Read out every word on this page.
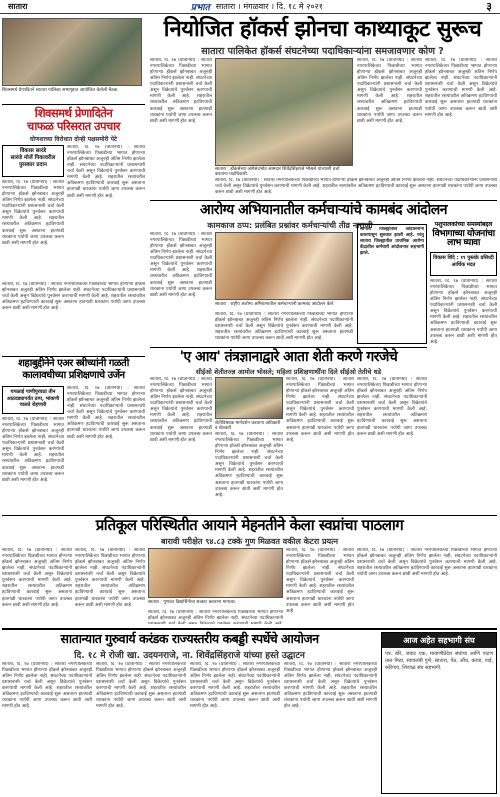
सातारा	प्रभात सातारा । मंगळवार । दि. १८ मे २०२१	३
नियोजित हॉकर्स झोनचा काथ्याकूट सुरूच
सातारा पालिकेत हॉकर्स संघटनेच्या पदाधिकाऱ्यांना समजावणार कोण ?
शिवसमर्थ प्रेणादितने सातारा पालिका सभागृहात आयोजित केलेली बैठक.
सातारा, दि. १७ (प्रतिनिधी) : सातारा नगरपालिकेच्या पिछाडीच्या भागात होणाऱ्या हॉकर्स झोनबाबत अजूनही अंतिम निर्णय झालेला नाही. संघटनेच्या पदाधिकाऱ्यांनी प्रशासनाशी चर्चा केली असून विक्रेत्यांचे पुनर्वसन करण्याची मागणी केली आहे. शहरातील रस्त्यांवरील अतिक्रमण हटविण्याची कारवाई सुरू असताना हातगाडी धारकांना पर्यायी जागा उपलब्ध करून द्यावी अशी मागणी होत आहे.
सातारा : हॉकर्सच्या जागेसंदर्भात आमदार शिवेंद्रसिंहराजे भोसले यांच्याशी चर्चा करताना पदाधिकारी.
सातारा, दि. १७ (प्रतिनिधी) : सातारा नगरपालिकेच्या पिछाडीच्या भागात होणाऱ्या हॉकर्स झोनबाबत अजूनही अंतिम निर्णय झालेला नाही. संघटनेच्या पदाधिकाऱ्यांनी प्रशासनाशी चर्चा केली असून विक्रेत्यांचे पुनर्वसन करण्याची मागणी केली आहे. शहरातील रस्त्यांवरील अतिक्रमण हटविण्याची कारवाई सुरू असताना हातगाडी धारकांना पर्यायी जागा उपलब्ध करून द्यावी अशी मागणी होत आहे.
सातारा, दि. १७ (प्रतिनिधी) : सातारा नगरपालिकेच्या पिछाडीच्या भागात होणाऱ्या हॉकर्स झोनबाबत अजूनही अंतिम निर्णय झालेला नाही. संघटनेच्या पदाधिकाऱ्यांनी प्रशासनाशी चर्चा केली असून विक्रेत्यांचे पुनर्वसन करण्याची मागणी केली आहे. शहरातील रस्त्यांवरील अतिक्रमण हटविण्याची कारवाई सुरू असताना हातगाडी धारकांना पर्यायी जागा उपलब्ध करून द्यावी अशी मागणी होत आहे.
सातारा, दि. १७ (प्रतिनिधी) : सातारा नगरपालिकेच्या पिछाडीच्या भागात होणाऱ्या हॉकर्स झोनबाबत अजूनही अंतिम निर्णय झालेला नाही. संघटनेच्या पदाधिकाऱ्यांनी प्रशासनाशी चर्चा केली असून विक्रेत्यांचे पुनर्वसन करण्याची मागणी केली आहे. शहरातील रस्त्यांवरील अतिक्रमण हटविण्याची कारवाई सुरू असताना हातगाडी धारकांना पर्यायी जागा उपलब्ध करून द्यावी अशी मागणी होत आहे.
शिवसमर्थ प्रेणादितेन
चाफळ परिसरात उपचार
घोणशाच्या विरोधात दोन्ही पक्षसमोरी पेटे
विकास सारंडे
सारुंडे मोजें पिकावरील
पुरस्कार प्रदान
सातारा, दि. १७ (प्रतिनिधी) : सातारा नगरपालिकेच्या पिछाडीच्या भागात होणाऱ्या हॉकर्स झोनबाबत अजूनही अंतिम निर्णय झालेला नाही. संघटनेच्या पदाधिकाऱ्यांनी प्रशासनाशी चर्चा केली असून विक्रेत्यांचे पुनर्वसन करण्याची मागणी केली आहे. शहरातील रस्त्यांवरील अतिक्रमण हटविण्याची कारवाई सुरू असताना हातगाडी धारकांना पर्यायी जागा उपलब्ध करून द्यावी अशी मागणी होत आहे.
सातारा, दि. १७ (प्रतिनिधी) : सातारा नगरपालिकेच्या पिछाडीच्या भागात होणाऱ्या हॉकर्स झोनबाबत अजूनही अंतिम निर्णय झालेला नाही. संघटनेच्या पदाधिकाऱ्यांनी प्रशासनाशी चर्चा केली असून विक्रेत्यांचे पुनर्वसन करण्याची मागणी केली आहे. शहरातील रस्त्यांवरील अतिक्रमण हटविण्याची कारवाई सुरू असताना हातगाडी धारकांना पर्यायी जागा उपलब्ध करून द्यावी अशी मागणी होत आहे.
सातारा, दि. १७ (प्रतिनिधी) : सातारा नगरपालिकेच्या पिछाडीच्या भागात होणाऱ्या हॉकर्स झोनबाबत अजूनही अंतिम निर्णय झालेला नाही. संघटनेच्या पदाधिकाऱ्यांनी प्रशासनाशी चर्चा केली असून विक्रेत्यांचे पुनर्वसन करण्याची मागणी केली आहे. शहरातील रस्त्यांवरील अतिक्रमण हटविण्याची कारवाई सुरू असताना हातगाडी धारकांना पर्यायी जागा उपलब्ध करून द्यावी अशी मागणी होत आहे.
आरोग्य अभियानातील कर्मचाऱ्यांचे कामबंद आंदोलन
कामकाज ठप्प: प्रलंबित प्रश्नांवर कर्मचाऱ्यांची तीव्र नाराजी
सातारा, दि. १७ (प्रतिनिधी) : सातारा नगरपालिकेच्या पिछाडीच्या भागात होणाऱ्या हॉकर्स झोनबाबत अजूनही अंतिम निर्णय झालेला नाही. संघटनेच्या पदाधिकाऱ्यांनी प्रशासनाशी चर्चा केली असून विक्रेत्यांचे पुनर्वसन करण्याची मागणी केली आहे. शहरातील रस्त्यांवरील अतिक्रमण हटविण्याची कारवाई सुरू असताना हातगाडी धारकांना पर्यायी जागा उपलब्ध करून द्यावी अशी मागणी होत आहे.
सातारा : राष्ट्रीय आरोग्य अभियानातील कर्मचाऱ्यांनी कामबंद आंदोलन केले.
सातारा, दि. १७ (प्रतिनिधी) : सातारा नगरपालिकेच्या पिछाडीच्या भागात होणाऱ्या हॉकर्स झोनबाबत अजूनही अंतिम निर्णय झालेला नाही. संघटनेच्या पदाधिकाऱ्यांनी प्रशासनाशी चर्चा केली असून विक्रेत्यांचे पुनर्वसन करण्याची मागणी केली आहे. शहरातील रस्त्यांवरील अतिक्रमण हटविण्याची कारवाई सुरू असताना हातगाडी धारकांना पर्यायी जागा उपलब्ध करून द्यावी अशी मागणी होत आहे.
सांगली जिल्ह्यातील आंदोलनांना कालपासून सुरुवात झाली आहे. परंतु सातारा जिल्ह्यातील प्राथमिक आरोग्य केंद्रातील कर्मचारी आंदोलनात सहभागी झाले.
पशुपालकांच्या समस्यांबद्दल
विभागाच्या योजनांचा लाभ घ्यावा
विकास शिंदे : १९ पुस्तके प्रसिध्दी आर्थिक मदत
सातारा, दि. १७ (प्रतिनिधी) : सातारा नगरपालिकेच्या पिछाडीच्या भागात होणाऱ्या हॉकर्स झोनबाबत अजूनही अंतिम निर्णय झालेला नाही. संघटनेच्या पदाधिकाऱ्यांनी प्रशासनाशी चर्चा केली असून विक्रेत्यांचे पुनर्वसन करण्याची मागणी केली आहे. शहरातील रस्त्यांवरील अतिक्रमण हटविण्याची कारवाई सुरू असताना हातगाडी धारकांना पर्यायी जागा उपलब्ध करून द्यावी अशी मागणी होत आहे.
'ए आय' तंत्रज्ञानाद्वारे आता शेती करणे गरजेचे
सीईओ शेतीतज्ज्ञ आमोल भोसले; महिला प्रशिक्षणार्थींना दिले सीईओ तेतीचे धडे
सातारा, दि. १७ (प्रतिनिधी) : सातारा नगरपालिकेच्या पिछाडीच्या भागात होणाऱ्या हॉकर्स झोनबाबत अजूनही अंतिम निर्णय झालेला नाही. संघटनेच्या पदाधिकाऱ्यांनी प्रशासनाशी चर्चा केली असून विक्रेत्यांचे पुनर्वसन करण्याची मागणी केली आहे. शहरातील रस्त्यांवरील अतिक्रमण हटविण्याची कारवाई सुरू असताना हातगाडी धारकांना पर्यायी जागा उपलब्ध करून द्यावी अशी मागणी होत आहे.
शेतीविषयक मार्गदर्शन करताना अधिकारी व शेतकरी
सातारा, दि. १७ (प्रतिनिधी) : सातारा नगरपालिकेच्या पिछाडीच्या भागात होणाऱ्या हॉकर्स झोनबाबत अजूनही अंतिम निर्णय झालेला नाही. संघटनेच्या पदाधिकाऱ्यांनी प्रशासनाशी चर्चा केली असून विक्रेत्यांचे पुनर्वसन करण्याची मागणी केली आहे. शहरातील रस्त्यांवरील अतिक्रमण हटविण्याची कारवाई सुरू असताना हातगाडी धारकांना पर्यायी जागा उपलब्ध करून द्यावी अशी मागणी होत आहे.
सातारा, दि. १७ (प्रतिनिधी) : सातारा नगरपालिकेच्या पिछाडीच्या भागात होणाऱ्या हॉकर्स झोनबाबत अजूनही अंतिम निर्णय झालेला नाही. संघटनेच्या पदाधिकाऱ्यांनी प्रशासनाशी चर्चा केली असून विक्रेत्यांचे पुनर्वसन करण्याची मागणी केली आहे. शहरातील रस्त्यांवरील अतिक्रमण हटविण्याची कारवाई सुरू असताना हातगाडी धारकांना पर्यायी जागा उपलब्ध करून द्यावी अशी मागणी होत आहे.
सातारा, दि. १७ (प्रतिनिधी) : सातारा नगरपालिकेच्या पिछाडीच्या भागात होणाऱ्या हॉकर्स झोनबाबत अजूनही अंतिम निर्णय झालेला नाही. संघटनेच्या पदाधिकाऱ्यांनी प्रशासनाशी चर्चा केली असून विक्रेत्यांचे पुनर्वसन करण्याची मागणी केली आहे. शहरातील रस्त्यांवरील अतिक्रमण हटविण्याची कारवाई सुरू असताना हातगाडी धारकांना पर्यायी जागा उपलब्ध करून द्यावी अशी मागणी होत आहे.
शहाबुद्दीनेने एअर स्त्रीच्यांनी गळती
कालावधीच्या प्रशिक्षणाचे उर्जेन
चपळाई पाणीपुरवठा तीन आठवड्यापर्यंत ठप्प, भांकणी चालते रोहणारी
सातारा, दि. १७ (प्रतिनिधी) : सातारा नगरपालिकेच्या पिछाडीच्या भागात होणाऱ्या हॉकर्स झोनबाबत अजूनही अंतिम निर्णय झालेला नाही. संघटनेच्या पदाधिकाऱ्यांनी प्रशासनाशी चर्चा केली असून विक्रेत्यांचे पुनर्वसन करण्याची मागणी केली आहे. शहरातील रस्त्यांवरील अतिक्रमण हटविण्याची कारवाई सुरू असताना हातगाडी धारकांना पर्यायी जागा उपलब्ध करून द्यावी अशी मागणी होत आहे.
सातारा, दि. १७ (प्रतिनिधी) : सातारा नगरपालिकेच्या पिछाडीच्या भागात होणाऱ्या हॉकर्स झोनबाबत अजूनही अंतिम निर्णय झालेला नाही. संघटनेच्या पदाधिकाऱ्यांनी प्रशासनाशी चर्चा केली असून विक्रेत्यांचे पुनर्वसन करण्याची मागणी केली आहे. शहरातील रस्त्यांवरील अतिक्रमण हटविण्याची कारवाई सुरू असताना हातगाडी धारकांना पर्यायी जागा उपलब्ध करून द्यावी अशी मागणी होत आहे.
प्रतिकूल परिस्थितीत आयाने मेहनतीने केला स्वप्नांचा पाठलाग
बारावी परीक्षेत ९४.८३ टक्के गुण मिळवत वकील केटरा प्रयत्न
सातारा, दि. १७ (प्रतिनिधी) : सातारा नगरपालिकेच्या पिछाडीच्या भागात होणाऱ्या हॉकर्स झोनबाबत अजूनही अंतिम निर्णय झालेला नाही. संघटनेच्या पदाधिकाऱ्यांनी प्रशासनाशी चर्चा केली असून विक्रेत्यांचे पुनर्वसन करण्याची मागणी केली आहे. शहरातील रस्त्यांवरील अतिक्रमण हटविण्याची कारवाई सुरू असताना हातगाडी धारकांना पर्यायी जागा उपलब्ध करून द्यावी अशी मागणी होत आहे.
सातारा, दि. १७ (प्रतिनिधी) : सातारा नगरपालिकेच्या पिछाडीच्या भागात होणाऱ्या हॉकर्स झोनबाबत अजूनही अंतिम निर्णय झालेला नाही. संघटनेच्या पदाधिकाऱ्यांनी प्रशासनाशी चर्चा केली असून विक्रेत्यांचे पुनर्वसन करण्याची मागणी केली आहे. शहरातील रस्त्यांवरील अतिक्रमण हटविण्याची कारवाई सुरू असताना हातगाडी धारकांना पर्यायी जागा उपलब्ध करून द्यावी अशी मागणी होत आहे.
सातारा : गुणवंत विद्यार्थिनीचा सत्कार करताना मान्यवर.
सातारा, दि. १७ (प्रतिनिधी) : सातारा नगरपालिकेच्या पिछाडीच्या भागात होणाऱ्या हॉकर्स झोनबाबत अजूनही अंतिम निर्णय झालेला नाही. संघटनेच्या पदाधिकाऱ्यांनी
सातारा, दि. १७ (प्रतिनिधी) : सातारा नगरपालिकेच्या पिछाडीच्या भागात होणाऱ्या हॉकर्स झोनबाबत अजूनही अंतिम निर्णय झालेला नाही. संघटनेच्या पदाधिकाऱ्यांनी प्रशासनाशी चर्चा केली असून विक्रेत्यांचे पुनर्वसन करण्याची मागणी केली आहे. शहरातील रस्त्यांवरील अतिक्रमण हटविण्याची कारवाई सुरू असताना हातगाडी धारकांना पर्यायी जागा उपलब्ध करून द्यावी अशी मागणी होत आहे.
सातारा, दि. १७ (प्रतिनिधी) : सातारा नगरपालिकेच्या पिछाडीच्या भागात होणाऱ्या हॉकर्स झोनबाबत अजूनही अंतिम निर्णय झालेला नाही. संघटनेच्या पदाधिकाऱ्यांनी प्रशासनाशी चर्चा केली असून विक्रेत्यांचे पुनर्वसन करण्याची मागणी केली आहे. शहरातील रस्त्यांवरील अतिक्रमण हटविण्याची कारवाई सुरू असताना हातगाडी धारकांना पर्यायी जागा उपलब्ध करून द्यावी अशी मागणी होत आहे.
सातान्यात गुरुवार्य करंडक राज्यस्तरीय कबड्डी स्पर्धेचे आयोजन
दि. १८ मे रोजी खा. उदयनराजे, ना. शिवेंद्रसिंहराजे यांच्या हस्ते उद्घाटन
सातारा, दि. १७ (प्रतिनिधी) : सातारा नगरपालिकेच्या पिछाडीच्या भागात होणाऱ्या हॉकर्स झोनबाबत अजूनही अंतिम निर्णय झालेला नाही. संघटनेच्या पदाधिकाऱ्यांनी प्रशासनाशी चर्चा केली असून विक्रेत्यांचे पुनर्वसन करण्याची मागणी केली आहे. शहरातील रस्त्यांवरील अतिक्रमण हटविण्याची कारवाई सुरू असताना हातगाडी धारकांना पर्यायी जागा उपलब्ध करून द्यावी अशी मागणी होत आहे.
सातारा, दि. १७ (प्रतिनिधी) : सातारा नगरपालिकेच्या पिछाडीच्या भागात होणाऱ्या हॉकर्स झोनबाबत अजूनही अंतिम निर्णय झालेला नाही. संघटनेच्या पदाधिकाऱ्यांनी प्रशासनाशी चर्चा केली असून विक्रेत्यांचे पुनर्वसन करण्याची मागणी केली आहे. शहरातील रस्त्यांवरील अतिक्रमण हटविण्याची कारवाई सुरू असताना हातगाडी धारकांना पर्यायी जागा उपलब्ध करून द्यावी अशी मागणी होत आहे.
सातारा, दि. १७ (प्रतिनिधी) : सातारा नगरपालिकेच्या पिछाडीच्या भागात होणाऱ्या हॉकर्स झोनबाबत अजूनही अंतिम निर्णय झालेला नाही. संघटनेच्या पदाधिकाऱ्यांनी प्रशासनाशी चर्चा केली असून विक्रेत्यांचे पुनर्वसन करण्याची मागणी केली आहे. शहरातील रस्त्यांवरील अतिक्रमण हटविण्याची कारवाई सुरू असताना हातगाडी धारकांना पर्यायी जागा उपलब्ध करून द्यावी अशी मागणी होत आहे.
सातारा, दि. १७ (प्रतिनिधी) : सातारा नगरपालिकेच्या पिछाडीच्या भागात होणाऱ्या हॉकर्स झोनबाबत अजूनही अंतिम निर्णय झालेला नाही. संघटनेच्या पदाधिकाऱ्यांनी प्रशासनाशी चर्चा केली असून विक्रेत्यांचे पुनर्वसन करण्याची मागणी केली आहे. शहरातील रस्त्यांवरील अतिक्रमण हटविण्याची कारवाई सुरू असताना हातगाडी धारकांना पर्यायी जागा उपलब्ध करून द्यावी अशी मागणी होत आहे.
आज अहेत सहभागी संघ
पत्र. बोरे, जयाट एक, मायाणीप्रेदेश संघांचा आणि पाटण ताल मिठा, स्वावलंबी पुणे, सातारा, पेठ, औंध, कराड, वाई, कोरेगाव, शिरवळ संघ सहभागी.
